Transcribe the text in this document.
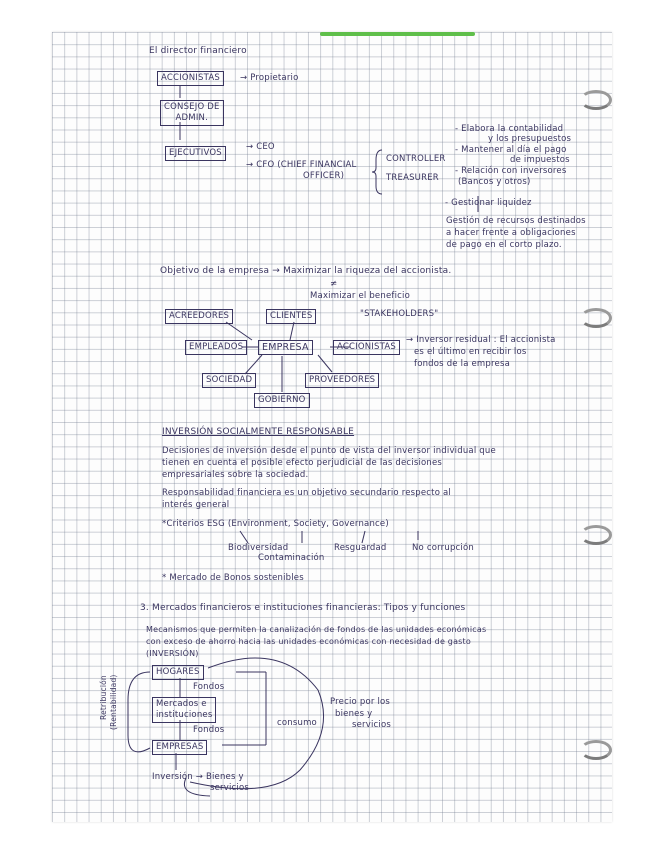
El director financiero
ACCIONISTAS	→ Propietario
CONSEJO DE
ADMIN.
EJECUTIVOS
→ CEO
→ CFO (CHIEF FINANCIAL
OFFICER)
CONTROLLER
TREASURER
- Elabora la contabilidad
y los presupuestos
- Mantener al día el pago
de impuestos
- Relación con inversores
(Bancos y otros)
- Gestionar liquidez
Gestión de recursos destinados
a hacer frente a obligaciones
de pago en el corto plazo.
Objetivo de la empresa → Maximizar la riqueza del accionista.
≠
Maximizar el beneficio
ACREEDORES	CLIENTES	"STAKEHOLDERS"
EMPLEADOS	EMPRESA	ACCIONISTAS
→ Inversor residual : El accionista
es el último en recibir los
fondos de la empresa
SOCIEDAD	PROVEEDORES
GOBIERNO
INVERSIÓN SOCIALMENTE RESPONSABLE
Decisiones de inversión desde el punto de vista del inversor individual que
tienen en cuenta el posible efecto perjudicial de las decisiones
empresariales sobre la sociedad.
Responsabilidad financiera es un objetivo secundario respecto al
interés general
*Criterios ESG (Environment, Society, Governance)
Biodiversidad
Contaminación
Resguardad	No corrupción
* Mercado de Bonos sostenibles
3. Mercados financieros e instituciones financieras: Tipos y funciones
Mecanismos que permiten la canalización de fondos de las unidades económicas
con exceso de ahorro hacia las unidades económicas con necesidad de gasto
(INVERSIÓN)
HOGARES
Fondos
Mercados e
instituciones
Fondos
EMPRESAS
consumo
Precio por los
bienes y
servicios
Inversión → Bienes y
servicios
Retribución (Rentabilidad)
